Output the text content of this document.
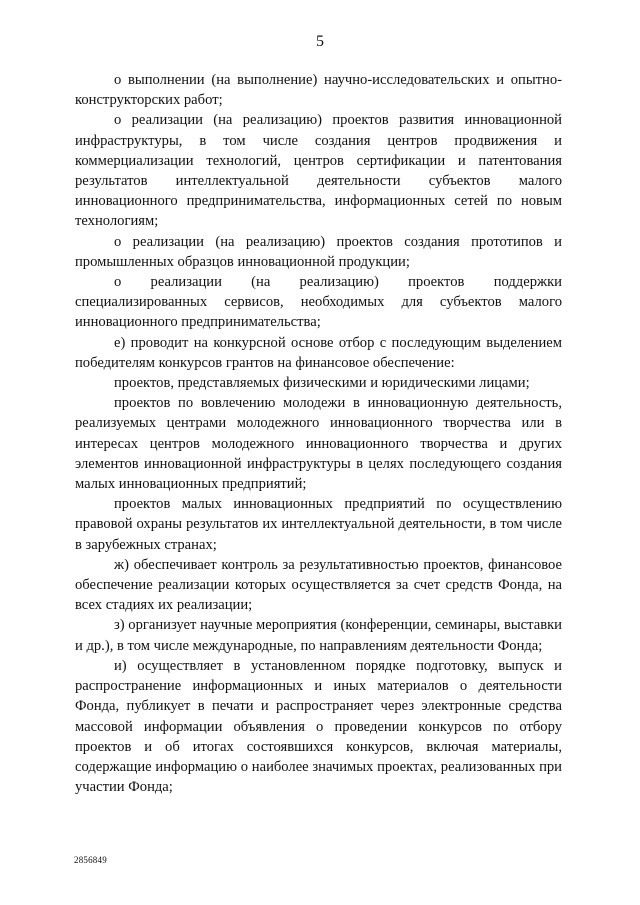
5

о выполнении (на выполнение) научно-исследовательских и опытно-конструкторских работ;

о реализации (на реализацию) проектов развития инновационной инфраструктуры, в том числе создания центров продвижения и коммерциализации технологий, центров сертификации и патентования результатов интеллектуальной деятельности субъектов малого инновационного предпринимательства, информационных сетей по новым технологиям;

о реализации (на реализацию) проектов создания прототипов и промышленных образцов инновационной продукции;

о реализации (на реализацию) проектов поддержки специализированных сервисов, необходимых для субъектов малого инновационного предпринимательства;

е) проводит на конкурсной основе отбор с последующим выделением победителям конкурсов грантов на финансовое обеспечение:

проектов, представляемых физическими и юридическими лицами;

проектов по вовлечению молодежи в инновационную деятельность, реализуемых центрами молодежного инновационного творчества или в интересах центров молодежного инновационного творчества и других элементов инновационной инфраструктуры в целях последующего создания малых инновационных предприятий;

проектов малых инновационных предприятий по осуществлению правовой охраны результатов их интеллектуальной деятельности, в том числе в зарубежных странах;

ж) обеспечивает контроль за результативностью проектов, финансовое обеспечение реализации которых осуществляется за счет средств Фонда, на всех стадиях их реализации;

з) организует научные мероприятия (конференции, семинары, выставки и др.), в том числе международные, по направлениям деятельности Фонда;

и) осуществляет в установленном порядке подготовку, выпуск и распространение информационных и иных материалов о деятельности Фонда, публикует в печати и распространяет через электронные средства массовой информации объявления о проведении конкурсов по отбору проектов и об итогах состоявшихся конкурсов, включая материалы, содержащие информацию о наиболее значимых проектах, реализованных при участии Фонда;

2856849
